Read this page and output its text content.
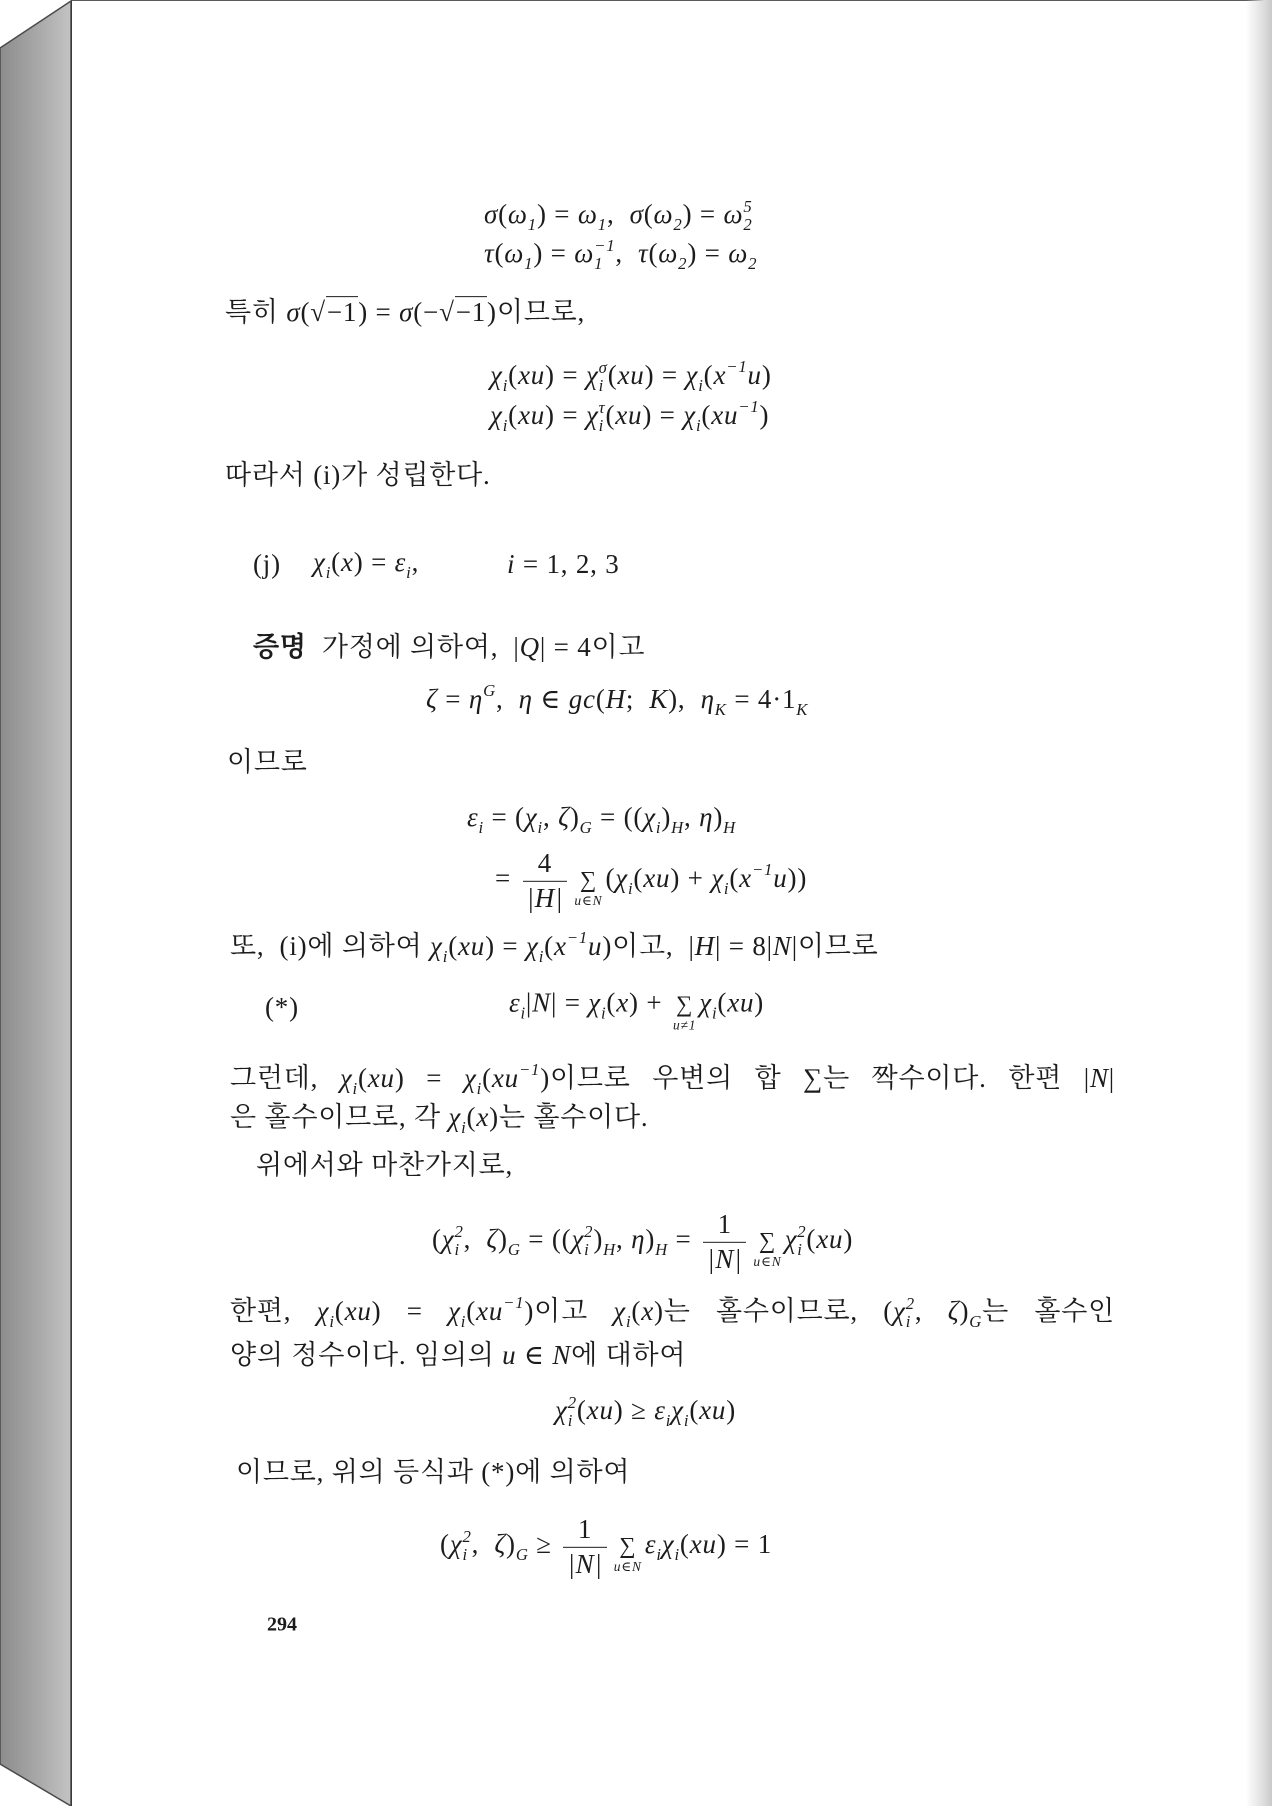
$\sigma(\omega_1) = \omega_1$,  $\sigma(\omega_2) = \omega$ 5
2
$\tau(\omega_1) = \omega -1$
1 ,  $\tau(\omega_2) = \omega_2$
특히 σ(√−1) = σ(−√−1)이므로,
$\chi_i(xu) = \chi$ σ
i $(xu) = \chi_i(x^{-1}u)$
$\chi_i(xu) = \chi$ τ
i $(xu) = \chi_i(xu^{-1})$
따라서 (i)가 성립한다.
(j) $\chi_i(x) = \varepsilon_i$,	i = 1, 2, 3
증명  가정에 의하여,  |Q| = 4이고
$\zeta = \eta^G$,  η ∈ gc(H;  K),  $\eta_K = 4\cdot 1_K$
이므로
$\varepsilon_i = (\chi_i$, $\zeta)_G = ((\chi_i)_H$, $\eta)_H$
= $\frac{4}{|H|}$ ∑
u∈N
$(\chi_i(xu) + \chi_i(x^{-1}u))$
또,  (i)에 의하여 $\chi_i(xu) = \chi_i(x^{-1}u)$이고,  |H| = 8|N|이므로
(*)	$\varepsilon_i|N| = \chi_i(x)$ + ∑
u≠1
$\chi_i(xu)$
그런데, $\chi_i(xu) = \chi_i(xu^{-1})$이므로 우변의 합 ∑는 짝수이다. 한편 |N|
은 홀수이므로, 각 $\chi_i(x)$는 홀수이다.
위에서와 마찬가지로,
(χ 2
i ,  $\zeta)_G = ((\chi$ 2
i )$_H$, $\eta)_H = \frac{1}{|N|}$ ∑
u∈N
χ 2
i (xu)
한편, $\chi_i(xu) = \chi_i(xu^{-1})$이고 $\chi_i(x)$는 홀수이므로, (χ 2
i , $\zeta)_G$는 홀수인
양의 정수이다. 임의의 u ∈ N에 대하여
χ 2
i $(xu) \ge \varepsilon_i\chi_i(xu)$
이므로, 위의 등식과 (*)에 의하여
(χ 2
i ,  $\zeta)_G \ge \frac{1}{|N|}$ ∑
u∈N
$\varepsilon_i\chi_i(xu) = 1$
294
